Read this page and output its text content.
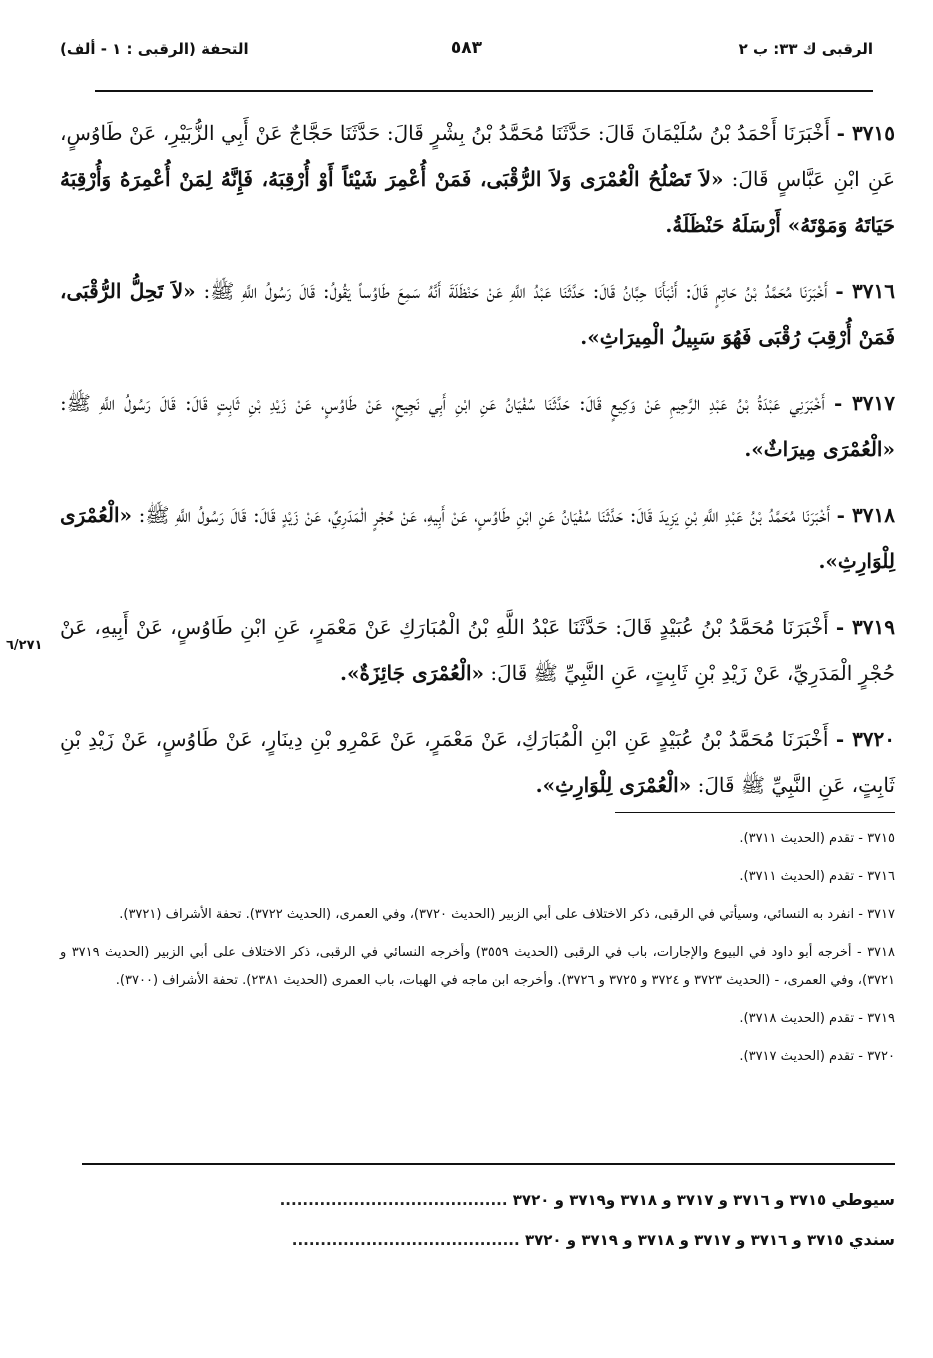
الرقبى ك ٣٣: ب ٢
٥٨٣
التحفة (الرقبى : ١ - ألف)

٣٧١٥ - أَخْبَرَنَا أَحْمَدُ بْنُ سُلَيْمَانَ قَالَ: حَدَّثَنَا مُحَمَّدُ بْنُ بِشْرٍ قَالَ: حَدَّثَنَا حَجَّاجٌ عَنْ أَبِي الزُّبَيْرِ، عَنْ طَاوُسٍ، عَنِ ابْنِ عَبَّاسٍ قَالَ: «لاَ تَصْلُحُ الْعُمْرَى وَلاَ الرُّقْبَى، فَمَنْ أُعْمِرَ شَيْئاً أَوْ أُرْقِبَهُ، فَإِنَّهُ لِمَنْ أُعْمِرَهُ وَأُرْقِبَهُ حَيَاتَهُ وَمَوْتَهُ» أَرْسَلَهُ حَنْظَلَةُ.

٣٧١٦ - أَخْبَرَنَا مُحَمَّدُ بْنُ حَاتِمٍ قَالَ: أَنْبَأَنَا حِبَّانُ قَالَ: حَدَّثَنَا عَبْدُ اللَّهِ عَنْ حَنْظَلَةَ أَنَّهُ سَمِعَ طَاوُساً يَقُولُ: قَالَ رَسُولُ اللَّهِ ﷺ: «لاَ تَحِلُّ الرُّقْبَى، فَمَنْ أُرْقِبَ رُقْبَى فَهُوَ سَبِيلُ الْمِيرَاثِ».

٣٧١٧ - أَخْبَرَنِي عَبْدَةُ بْنُ عَبْدِ الرَّحِيمِ عَنْ وَكِيعٍ قَالَ: حَدَّثَنَا سُفْيَانُ عَنِ ابْنِ أَبِي نَجِيحٍ، عَنْ طَاوُسٍ، عَنْ زَيْدِ بْنِ ثَابِتٍ قَالَ: قَالَ رَسُولُ اللَّهِ ﷺ: «الْعُمْرَى مِيرَاثٌ».

٣٧١٨ - أَخْبَرَنَا مُحَمَّدُ بْنُ عَبْدِ اللَّهِ بْنِ يَزِيدَ قَالَ: حَدَّثَنَا سُفْيَانُ عَنِ ابْنِ طَاوُسٍ، عَنْ أَبِيهِ، عَنْ حُجْرٍ الْمَدَرِيِّ، عَنْ زَيْدٍ قَالَ: قَالَ رَسُولُ اللَّهِ ﷺ: «الْعُمْرَى لِلْوَارِثِ».

٣٧١٩ - أَخْبَرَنَا مُحَمَّدُ بْنُ عُبَيْدٍ قَالَ: حَدَّثَنَا عَبْدُ اللَّهِ بْنُ الْمُبَارَكِ عَنْ مَعْمَرٍ، عَنِ ابْنِ طَاوُسٍ، عَنْ أَبِيهِ، عَنْ حُجْرٍ الْمَدَرِيِّ، عَنْ زَيْدِ بْنِ ثَابِتٍ، عَنِ النَّبِيِّ ﷺ قَالَ: «الْعُمْرَى جَائِزَةٌ».

٣٧٢٠ - أَخْبَرَنَا مُحَمَّدُ بْنُ عُبَيْدٍ عَنِ ابْنِ الْمُبَارَكِ، عَنْ مَعْمَرٍ، عَنْ عَمْرِو بْنِ دِينَارٍ، عَنْ طَاوُسٍ، عَنْ زَيْدِ بْنِ ثَابِتٍ، عَنِ النَّبِيِّ ﷺ قَالَ: «الْعُمْرَى لِلْوَارِثِ».

٦/٢٧١
٣٧١٥ - تقدم (الحديث ٣٧١١).
٣٧١٦ - تقدم (الحديث ٣٧١١).
٣٧١٧ - انفرد به النسائي، وسيأتي في الرقبى، ذكر الاختلاف على أبي الزبير (الحديث ٣٧٢٠)، وفي العمرى، (الحديث ٣٧٢٢). تحفة الأشراف (٣٧٢١).
٣٧١٨ - أخرجه أبو داود في البيوع والإجارات، باب في الرقبى (الحديث ٣٥٥٩) وأخرجه النسائي في الرقبى، ذكر الاختلاف على أبي الزبير (الحديث ٣٧١٩ و ٣٧٢١)، وفي العمرى، - (الحديث ٣٧٢٣ و ٣٧٢٤ و ٣٧٢٥ و ٣٧٢٦). وأخرجه ابن ماجه في الهبات، باب العمرى (الحديث ٢٣٨١). تحفة الأشراف (٣٧٠٠).
٣٧١٩ - تقدم (الحديث ٣٧١٨).
٣٧٢٠ - تقدم (الحديث ٣٧١٧).
سيوطي ٣٧١٥ و ٣٧١٦ و ٣٧١٧ و ٣٧١٨ و٣٧١٩ و ٣٧٢٠ ........................................
سندي ٣٧١٥ و ٣٧١٦ و ٣٧١٧ و ٣٧١٨ و ٣٧١٩ و ٣٧٢٠ ........................................
